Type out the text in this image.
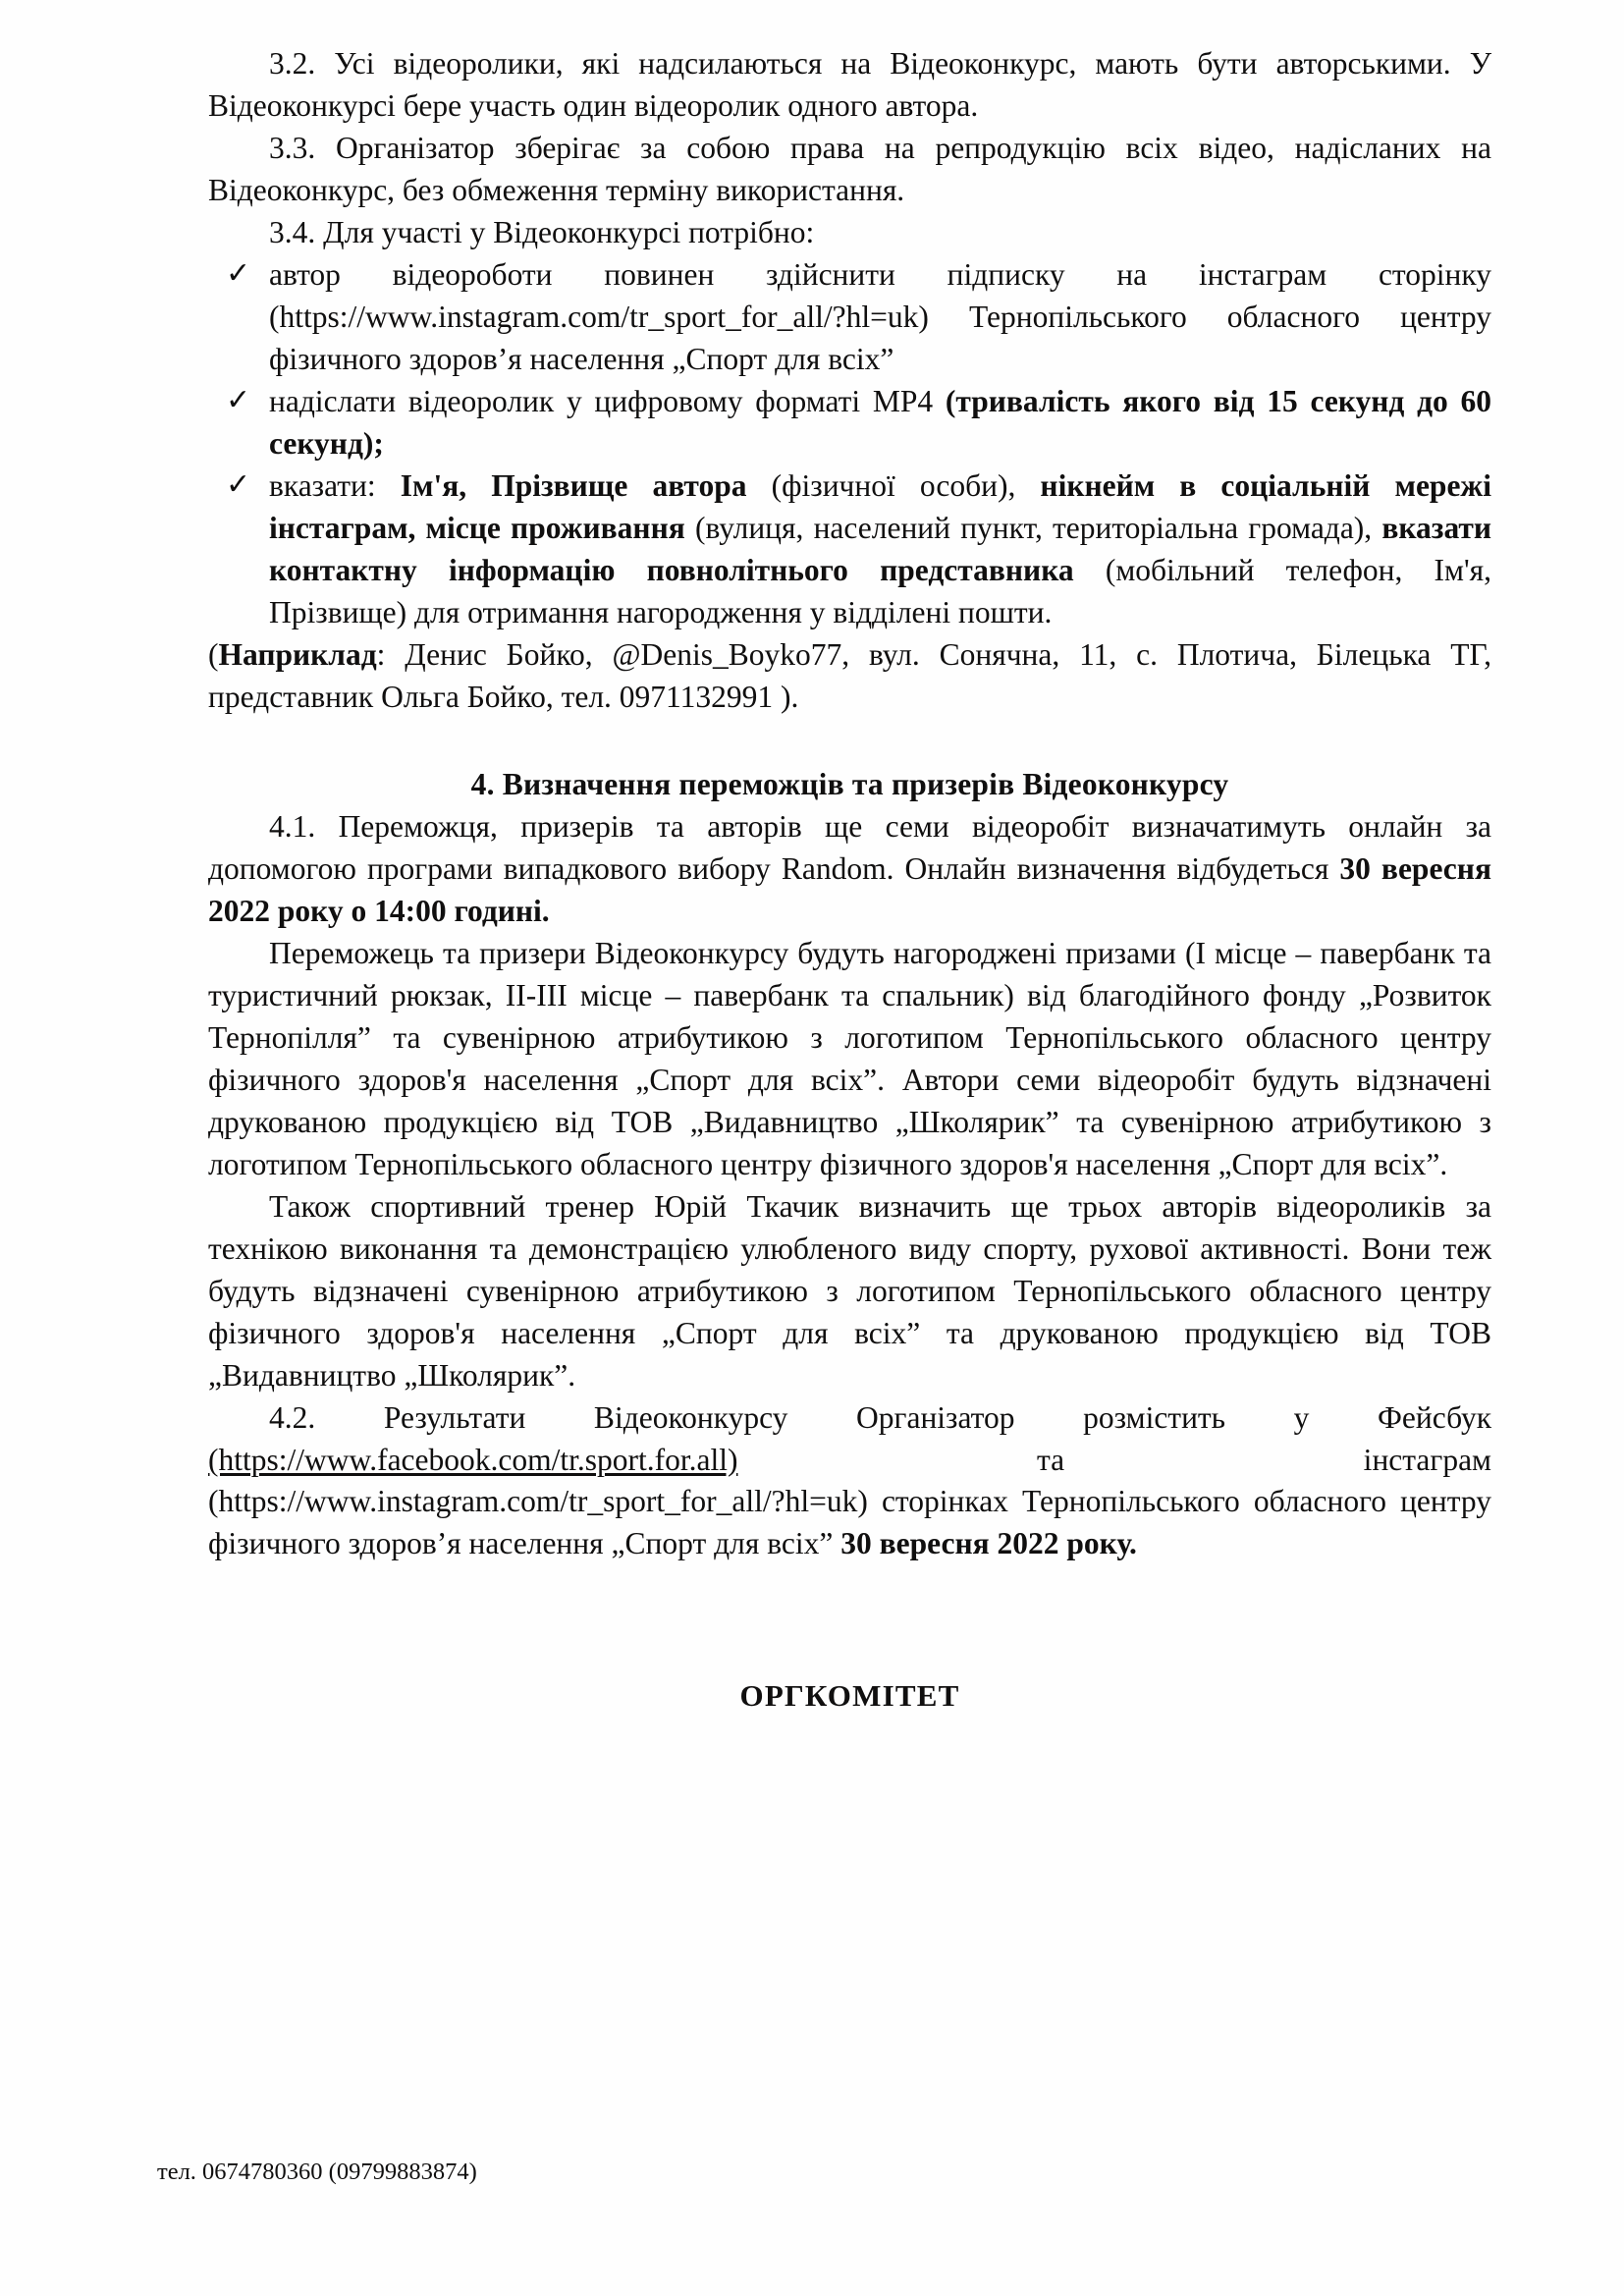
3.2. Усі відеоролики, які надсилаються на Відеоконкурс, мають бути авторськими. У Відеоконкурсі бере участь один відеоролик одного автора.

3.3. Організатор зберігає за собою права на репродукцію всіх відео, надісланих на Відеоконкурс, без обмеження терміну використання.

3.4. Для участі у Відеоконкурсі потрібно:

✓ автор відеороботи повинен здійснити підписку на інстаграм сторінку (https://www.instagram.com/tr_sport_for_all/?hl=uk) Тернопільського обласного центру фізичного здоров’я населення „Спорт для всіх”
✓ надіслати відеоролик у цифровому форматі МР4 (тривалість якого від 15 секунд до 60 секунд);
✓ вказати: Ім'я, Прізвище автора (фізичної особи), нікнейм в соціальній мережі інстаграм, місце проживання (вулиця, населений пункт, територіальна громада), вказати контактну інформацію повнолітнього представника (мобільний телефон, Ім'я, Прізвище) для отримання нагородження у відділені пошти.

(Наприклад: Денис Бойко, @Denis_Boyko77, вул. Сонячна, 11, с. Плотича, Білецька ТГ, представник Ольга Бойко, тел. 0971132991 ).

4. Визначення переможців та призерів Відеоконкурсу

4.1. Переможця, призерів та авторів ще семи відеоробіт визначатимуть онлайн за допомогою програми випадкового вибору Random. Онлайн визначення відбудеться 30 вересня 2022 року о 14:00 годині.

Переможець та призери Відеоконкурсу будуть нагороджені призами (I місце – павербанк та туристичний рюкзак, II-III місце – павербанк та спальник) від благодійного фонду „Розвиток Тернопілля” та сувенірною атрибутикою з логотипом Тернопільського обласного центру фізичного здоров'я населення „Спорт для всіх”. Автори семи відеоробіт будуть відзначені друкованою продукцією від ТОВ „Видавництво „Школярик” та сувенірною атрибутикою з логотипом Тернопільського обласного центру фізичного здоров'я населення „Спорт для всіх”.

Також спортивний тренер Юрій Ткачик визначить ще трьох авторів відеороликів за технікою виконання та демонстрацією улюбленого виду спорту, рухової активності. Вони теж будуть відзначені сувенірною атрибутикою з логотипом Тернопільського обласного центру фізичного здоров'я населення „Спорт для всіх” та друкованою продукцією від ТОВ „Видавництво „Школярик”.

4.2. Результати Відеоконкурсу Організатор розмістить у Фейсбук (https://www.facebook.com/tr.sport.for.all)	та інстаграм (https://www.instagram.com/tr_sport_for_all/?hl=uk) сторінках Тернопільського обласного центру фізичного здоров’я населення „Спорт для всіх” 30 вересня 2022 року.

ОРГКОМІТЕТ

тел. 0674780360 (09799883874)
